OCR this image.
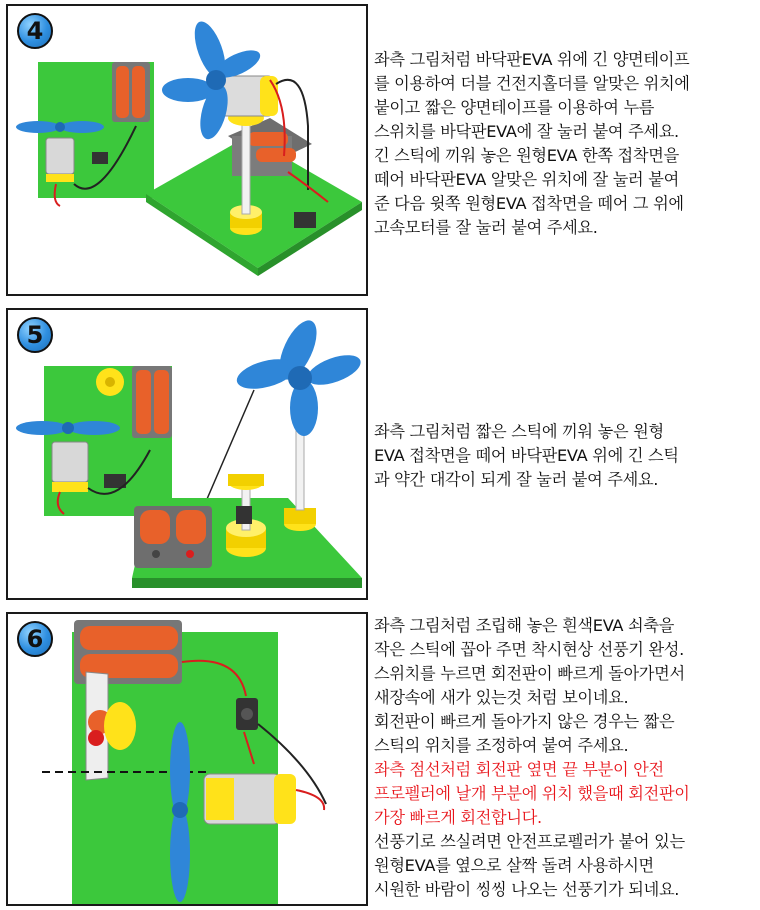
4

좌측 그림처럼 바닥판EVA 위에 긴 양면테이프

를 이용하여 더블 건전지홀더를 알맞은 위치에

붙이고 짧은 양면테이프를 이용하여 누름

스위치를 바닥판EVA에 잘 눌러 붙여 주세요.

긴 스틱에 끼워 놓은 원형EVA 한쪽 접착면을

떼어 바닥판EVA 알맞은 위치에 잘 눌러 붙여

준 다음 윗쪽 원형EVA 접착면을 떼어 그 위에

고속모터를 잘 눌러 붙여 주세요.

5

좌측 그림처럼 짧은 스틱에 끼워 놓은 원형

EVA 접착면을 떼어 바닥판EVA 위에 긴 스틱

과 약간 대각이 되게 잘 눌러 붙여 주세요.

6	좌측 그림처럼 조립해 놓은 흰색EVA 쇠축을

작은 스틱에 꼽아 주면 착시현상 선풍기 완성.

스위치를 누르면 회전판이 빠르게 돌아가면서

새장속에 새가 있는것 처럼 보이네요.

회전판이 빠르게 돌아가지 않은 경우는 짧은

스틱의 위치를 조정하여 붙여 주세요.

좌측 점선처럼 회전판 옆면 끝 부분이 안전

프로펠러에 날개 부분에 위치 했을때 회전판이

가장 빠르게 회전합니다.

선풍기로 쓰실려면 안전프로펠러가 붙어 있는

원형EVA를 옆으로 살짝 돌려 사용하시면

시원한 바람이 씽씽 나오는 선풍기가 되네요.
